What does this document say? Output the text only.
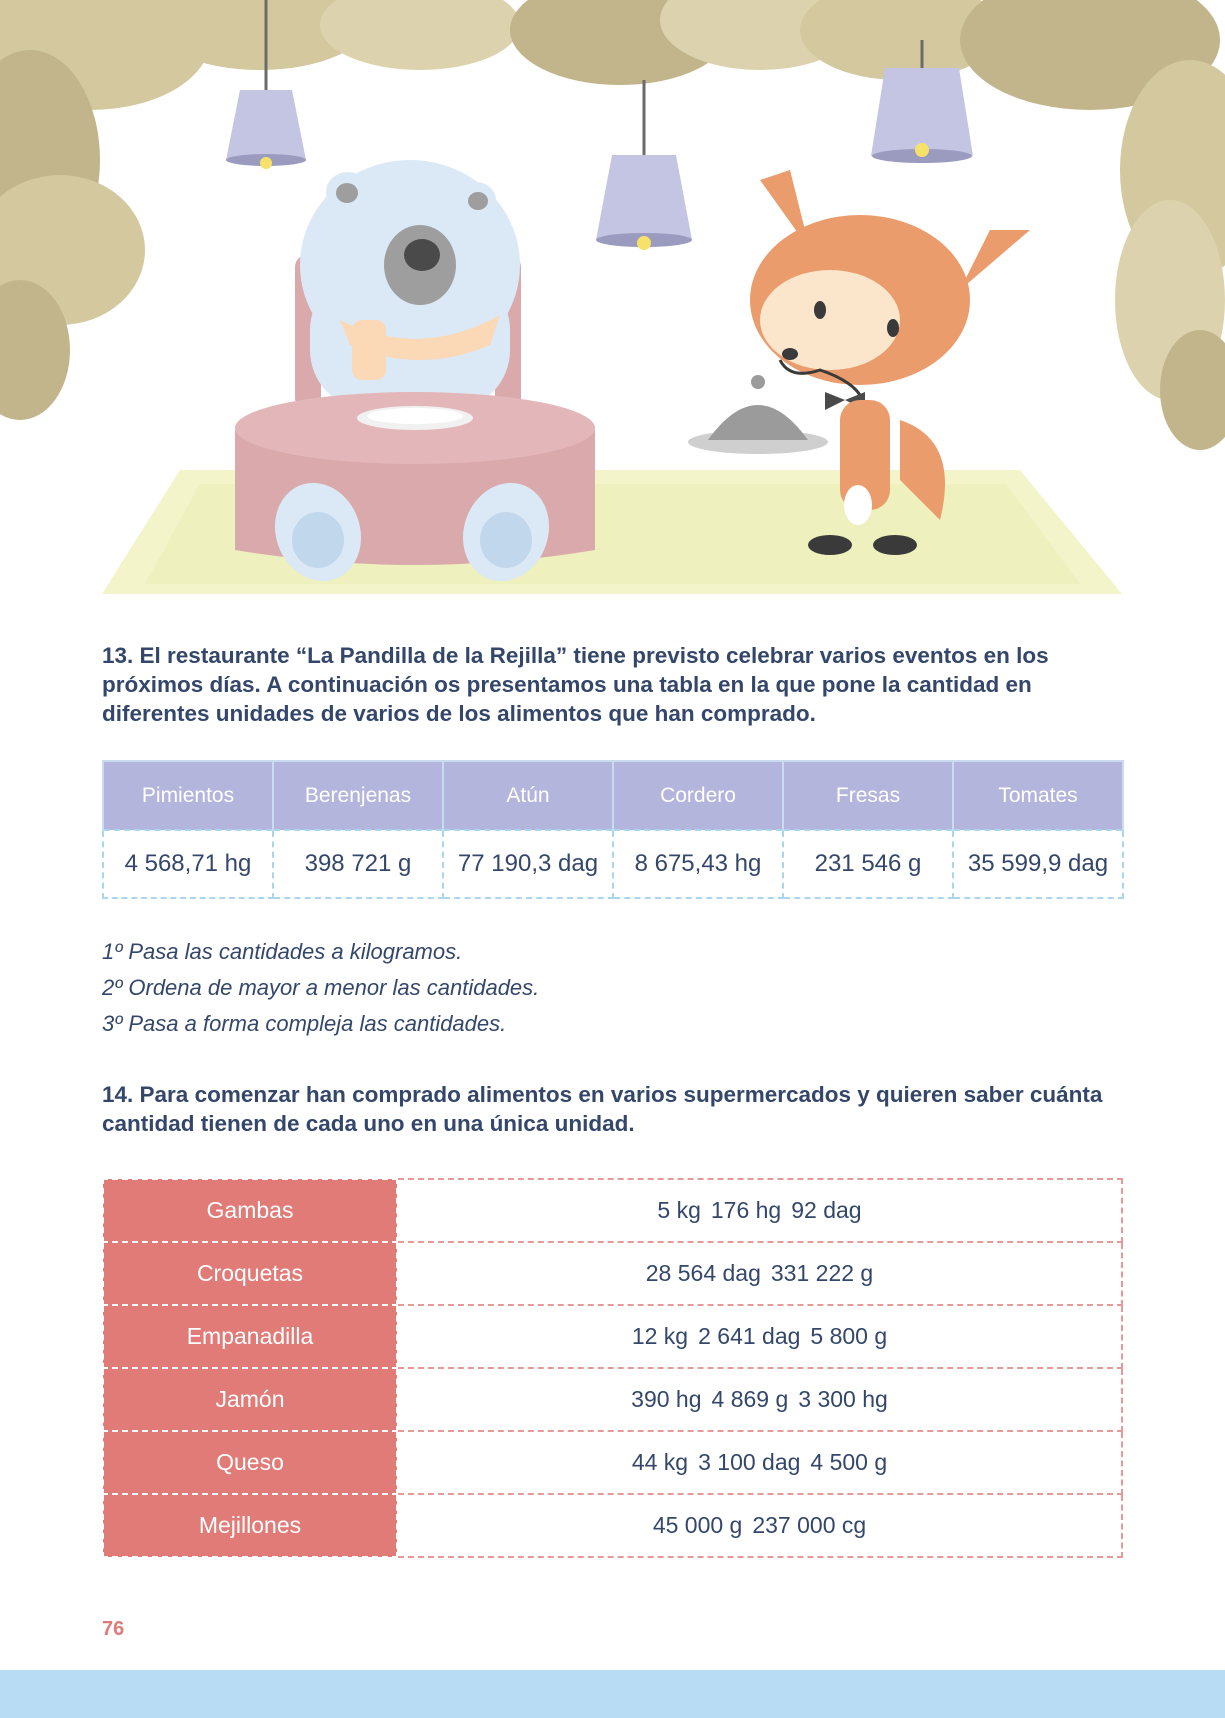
13. El restaurante “La Pandilla de la Rejilla” tiene previsto celebrar varios eventos en los próximos días. A continuación os presentamos una tabla en la que pone la cantidad en diferentes unidades de varios de los alimentos que han comprado.

Pimientos	Berenjenas	Atún	Cordero	Fresas	Tomates
4 568,71 hg	398 721 g	77 190,3 dag	8 675,43 hg	231 546 g	35 599,9 dag
1º Pasa las cantidades a kilogramos.
2º Ordena de mayor a menor las cantidades.
3º Pasa a forma compleja las cantidades.

14. Para comenzar han comprado alimentos en varios supermercados y quieren saber cuánta cantidad tienen de cada uno en una única unidad.

Gambas	5 kg 176 hg 92 dag
Croquetas	28 564 dag 331 222 g
Empanadilla	12 kg 2 641 dag 5 800 g
Jamón	390 hg 4 869 g 3 300 hg
Queso	44 kg 3 100 dag 4 500 g
Mejillones	45 000 g 237 000 cg
76
